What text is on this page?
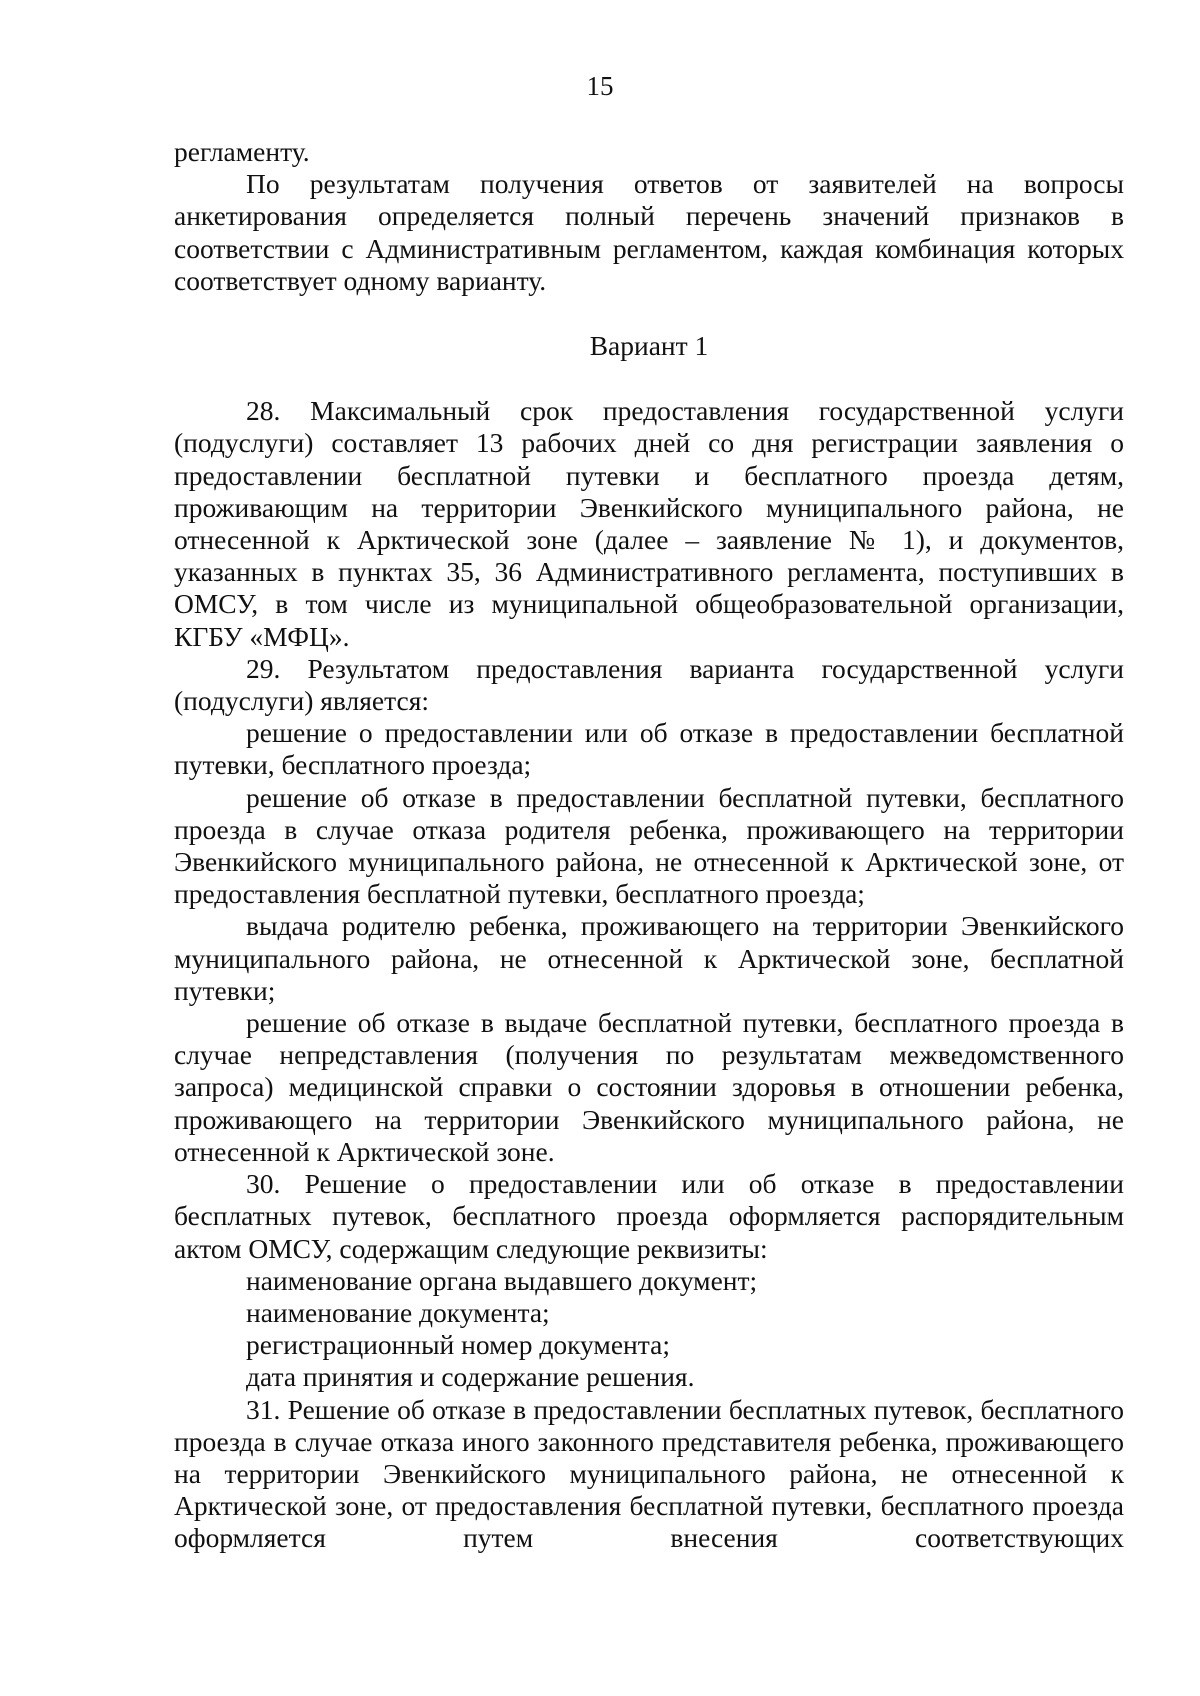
15

регламенту.

По результатам получения ответов от заявителей на вопросы анкетирования определяется полный перечень значений признаков в соответствии с Административным регламентом, каждая комбинация которых соответствует одному варианту.

Вариант 1

28. Максимальный срок предоставления государственной услуги (подуслуги) составляет 13 рабочих дней со дня регистрации заявления о предоставлении бесплатной путевки и бесплатного проезда детям, проживающим на территории Эвенкийского муниципального района, не отнесенной к Арктической зоне (далее – заявление № 1), и документов, указанных в пунктах 35, 36 Административного регламента, поступивших в ОМСУ, в том числе из муниципальной общеобразовательной организации, КГБУ «МФЦ».

29. Результатом предоставления варианта государственной услуги (подуслуги) является:

решение о предоставлении или об отказе в предоставлении бесплатной путевки, бесплатного проезда;

решение об отказе в предоставлении бесплатной путевки, бесплатного проезда в случае отказа родителя ребенка, проживающего на территории Эвенкийского муниципального района, не отнесенной к Арктической зоне, от предоставления бесплатной путевки, бесплатного проезда;

выдача родителю ребенка, проживающего на территории Эвенкийского муниципального района, не отнесенной к Арктической зоне, бесплатной путевки;

решение об отказе в выдаче бесплатной путевки, бесплатного проезда в случае непредставления (получения по результатам межведомственного запроса) медицинской справки о состоянии здоровья в отношении ребенка, проживающего на территории Эвенкийского муниципального района, не отнесенной к Арктической зоне.

30. Решение о предоставлении или об отказе в предоставлении бесплатных путевок, бесплатного проезда оформляется распорядительным актом ОМСУ, содержащим следующие реквизиты:

наименование органа выдавшего документ;

наименование документа;

регистрационный номер документа;

дата принятия и содержание решения.

31. Решение об отказе в предоставлении бесплатных путевок, бесплатного проезда в случае отказа иного законного представителя ребенка, проживающего на территории Эвенкийского муниципального района, не отнесенной к Арктической зоне, от предоставления бесплатной путевки, бесплатного проезда оформляется путем внесения соответствующих
